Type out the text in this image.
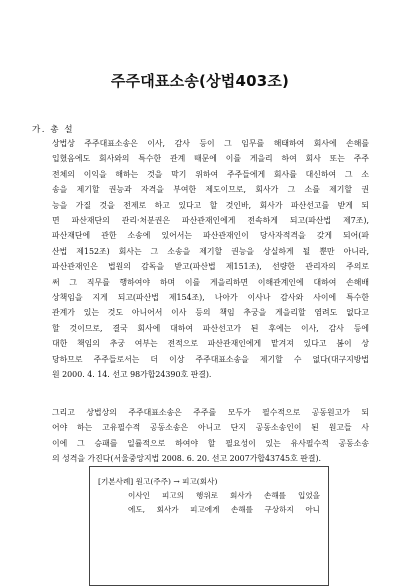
주주대표소송(상법403조)
가. 총 설
상법상 주주대표소송은 이사, 감사 등이 그 임무를 해태하여 회사에 손해를
입혔음에도 회사와의 특수한 관계 때문에 이를 게을리 하여 회사 또는 주주
전체의 이익을 해하는 것을 막기 위하여 주주들에게 회사를 대신하여 그 소
송을 제기할 권능과 자격을 부여한 제도이므로, 회사가 그 소를 제기할 권
능을 가질 것을 전제로 하고 있다고 할 것인바, 회사가 파산선고를 받게 되
면 파산재단의 관리·처분권은 파산관재인에게 전속하게 되고(파산법 제7조),
파산재단에 관한 소송에 있어서는 파산관재인이 당사자적격을 갖게 되어(파
산법 제152조) 회사는 그 소송을 제기할 권능을 상실하게 될 뿐만 아니라,
파산관재인은 법원의 감독을 받고(파산법 제151조), 선량한 관리자의 주의로
써 그 직무를 행하여야 하며 이를 게을리하면 이해관계인에 대하여 손해배
상책임을 지게 되고(파산법 제154조), 나아가 이사나 감사와 사이에 특수한
관계가 있는 것도 아니어서 이사 등의 책임 추궁을 게을리할 염려도 없다고
할 것이므로, 결국 회사에 대하여 파산선고가 된 후에는 이사, 감사 등에
대한 책임의 추궁 여부는 전적으로 파산관재인에게 맡겨져 있다고 봄이 상
당하므로 주주들로서는 더 이상 주주대표소송을 제기할 수 없다(대구지방법
원 2000. 4. 14. 선고 98가합24390호 판결).
그리고 상법상의 주주대표소송은 주주를 모두가 필수적으로 공동원고가 되
어야 하는 고유필수적 공동소송은 아니고 단지 공동소송인이 된 원고들 사
이에 그 승패를 일률적으로 하여야 할 필요성이 있는 유사필수적 공동소송
의 성격을 가진다(서울중앙지법 2008. 6. 20. 선고 2007가합43745호 판결).
[기본사례] 원고(주주) → 피고(회사)
이사인 피고의 행위로 회사가 손해를 입었을
에도, 회사가 피고에게 손해를 구상하지 아니
